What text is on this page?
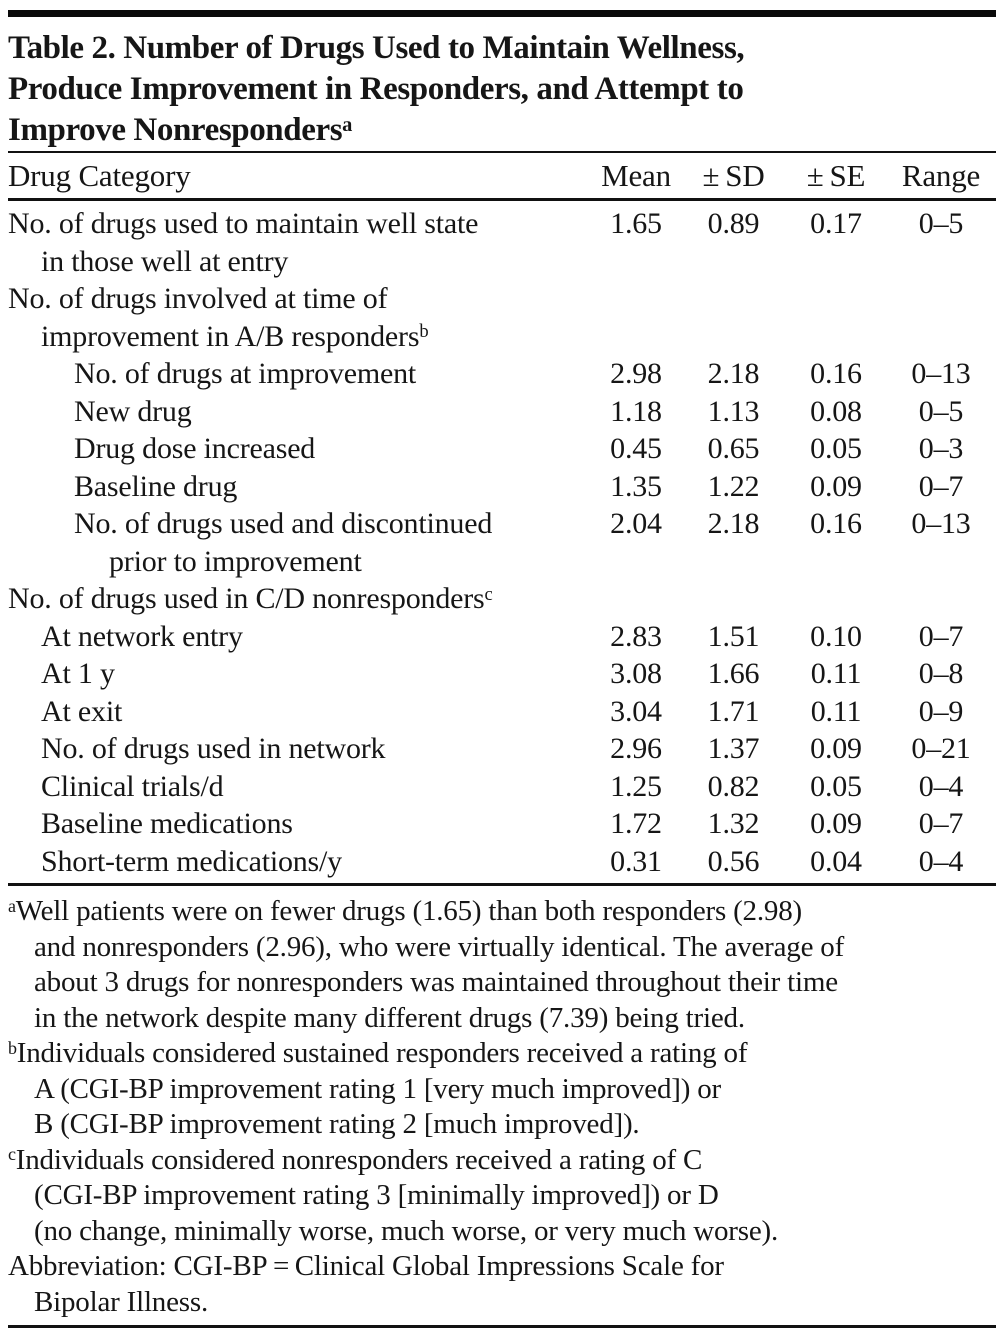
Table 2. Number of Drugs Used to Maintain Wellness,
Produce Improvement in Responders, and Attempt to
Improve Nonresponders$^a$
Drug Category	Mean	± SD	± SE	Range
No. of drugs used to maintain well state	1.65	0.89	0.17	0–5
in those well at entry
No. of drugs involved at time of
improvement in A/B responders$^b$
No. of drugs at improvement	2.98	2.18	0.16	0–13
New drug	1.18	1.13	0.08	0–5
Drug dose increased	0.45	0.65	0.05	0–3
Baseline drug	1.35	1.22	0.09	0–7
No. of drugs used and discontinued	2.04	2.18	0.16	0–13
prior to improvement
No. of drugs used in C/D nonresponders$^c$
At network entry	2.83	1.51	0.10	0–7
At 1 y	3.08	1.66	0.11	0–8
At exit	3.04	1.71	0.11	0–9
No. of drugs used in network	2.96	1.37	0.09	0–21
Clinical trials/d	1.25	0.82	0.05	0–4
Baseline medications	1.72	1.32	0.09	0–7
Short-term medications/y	0.31	0.56	0.04	0–4
$^a$Well patients were on fewer drugs (1.65) than both responders (2.98)
and nonresponders (2.96), who were virtually identical. The average of
about 3 drugs for nonresponders was maintained throughout their time
in the network despite many different drugs (7.39) being tried.
$^b$Individuals considered sustained responders received a rating of
A (CGI-BP improvement rating 1 [very much improved]) or
B (CGI-BP improvement rating 2 [much improved]).
$^c$Individuals considered nonresponders received a rating of C
(CGI-BP improvement rating 3 [minimally improved]) or D
(no change, minimally worse, much worse, or very much worse).
Abbreviation: CGI-BP = Clinical Global Impressions Scale for
Bipolar Illness.
